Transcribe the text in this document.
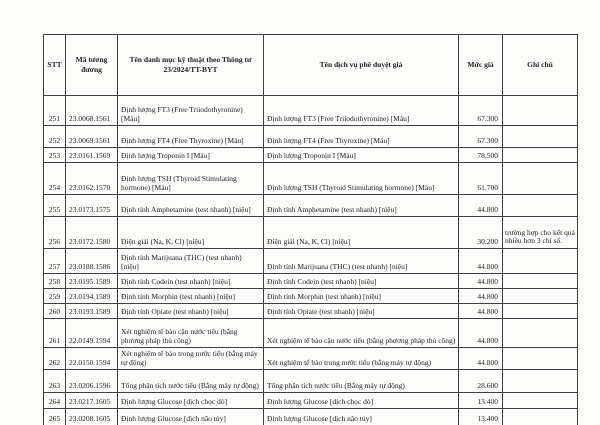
STT	Mã tương đương	Tên danh mục kỹ thuật theo Thông tư 23/2024/TT-BYT	Tên dịch vụ phê duyệt giá	Mức giá	Ghi chú
251	23.0068.1561	Định lượng FT3 (Free Triiodothyronine) [Máu]	Định lượng FT3 (Free Triiodothyronine) [Máu]	67.300	
252	23.0069.1561	Định lượng FT4 (Free Thyroxine) [Máu]	Định lượng FT4 (Free Thyroxine) [Máu]	67.300	
253	23.0161.1569	Định lượng Troponin I [Máu]	Định lượng Troponin I [Máu]	78.500	
254	23.0162.1570	Định lượng TSH (Thyroid Stimulating hormone) [Máu]	Định lượng TSH (Thyroid Stimulating hormone) [Máu]	61.700	
255	23.0173.1575	Định tính Amphetamine (test nhanh) [niệu]	Định tính Amphetamine (test nhanh) [niệu]	44.800	
256	23.0172.1580	Điện giải (Na, K, Cl) [niệu]	Điện giải (Na, K, Cl) [niệu]	30.200	trường hợp cho kết quả nhiều hơn 3 chỉ số.
257	23.0188.1586	Định tính Marijuana (THC) (test nhanh) [niệu]	Định tính Marijuana (THC) (test nhanh) [niệu]	44.800	
258	23.0195.1589	Định tính Codein (test nhanh) [niệu]	Định tính Codein (test nhanh) [niệu]	44.800	
259	23.0194.1589	Định tính Morphin (test nhanh) [niệu]	Định tính Morphin (test nhanh) [niệu]	44.800	
260	23.0193.1589	Định tính Opiate (test nhanh) [niệu]	Định tính Opiate (test nhanh) [niệu]	44.800	
261	22.0149.1594	Xét nghiệm tế bào cặn nước tiểu (bằng phương pháp thủ công)	Xét nghiệm tế bào cặn nước tiểu (bằng phương pháp thủ công)	44.800	
262	22.0150.1594	Xét nghiệm tế bào trong nước tiểu (bằng máy tự động)	Xét nghiệm tế bào trong nước tiểu (bằng máy tự động)	44.800	
263	23.0206.1596	Tổng phân tích nước tiểu (Bằng máy tự động)	Tổng phân tích nước tiểu (Bằng máy tự động)	28.600	
264	23.0217.1605	Định lượng Glucose [dịch chọc dò]	Định lượng Glucose [dịch chọc dò]	13.400	
265	23.0208.1605	Định lượng Glucose [dịch não tủy]	Định lượng Glucose [dịch não tủy]	13.400	
